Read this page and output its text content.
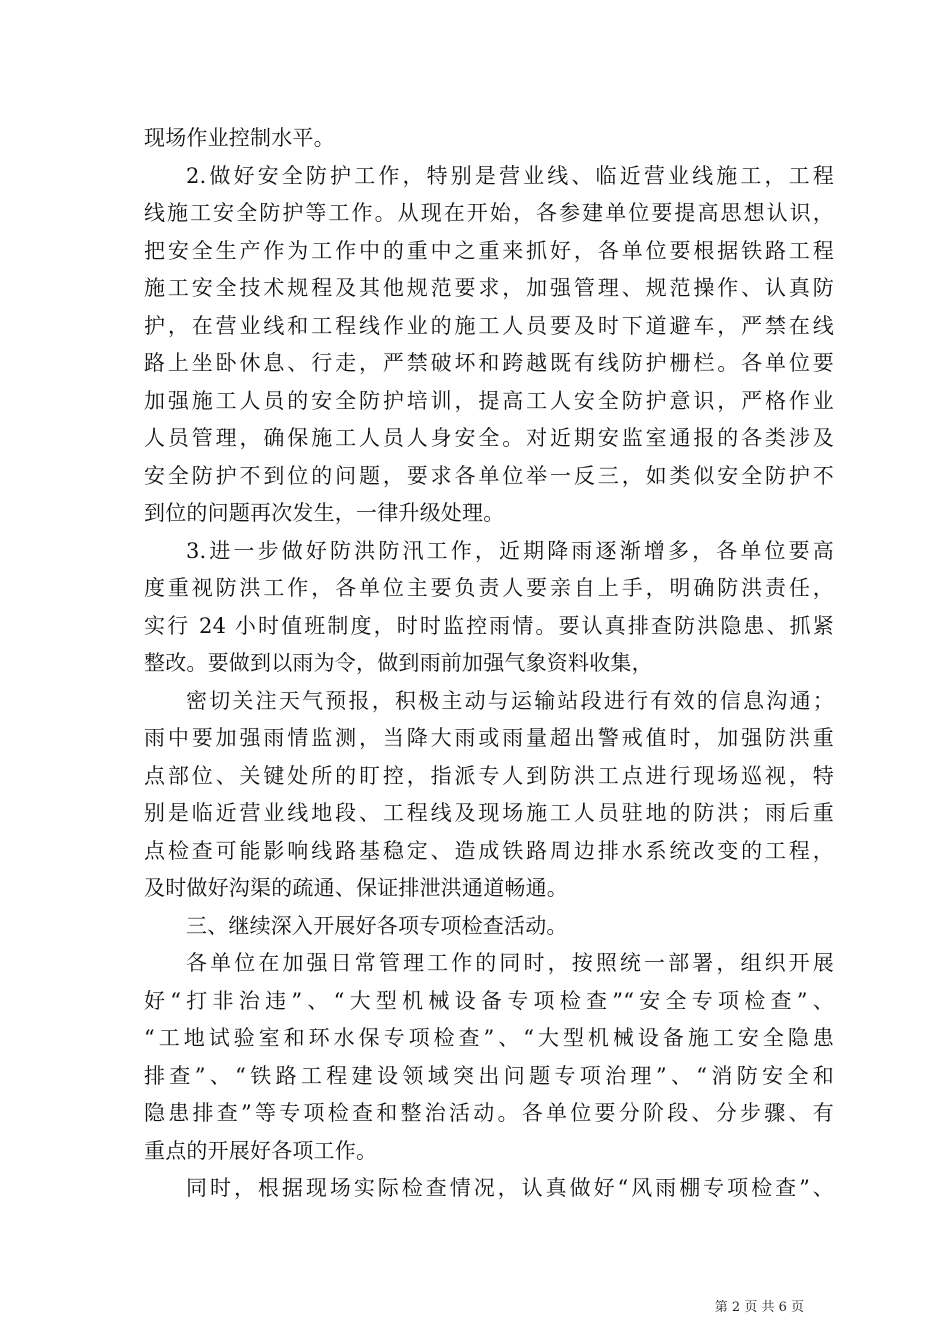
现场作业控制水平。
2.做好安全防护工作，特别是营业线、临近营业线施工，工程
线施工安全防护等工作。从现在开始，各参建单位要提高思想认识，
把安全生产作为工作中的重中之重来抓好，各单位要根据铁路工程
施工安全技术规程及其他规范要求，加强管理、规范操作、认真防
护，在营业线和工程线作业的施工人员要及时下道避车，严禁在线
路上坐卧休息、行走，严禁破坏和跨越既有线防护栅栏。各单位要
加强施工人员的安全防护培训，提高工人安全防护意识，严格作业
人员管理，确保施工人员人身安全。对近期安监室通报的各类涉及
安全防护不到位的问题，要求各单位举一反三，如类似安全防护不
到位的问题再次发生，一律升级处理。
3.进一步做好防洪防汛工作，近期降雨逐渐增多，各单位要高
度重视防洪工作，各单位主要负责人要亲自上手，明确防洪责任，
实行 24 小时值班制度，时时监控雨情。要认真排查防洪隐患、抓紧
整改。要做到以雨为令，做到雨前加强气象资料收集，
密切关注天气预报，积极主动与运输站段进行有效的信息沟通；
雨中要加强雨情监测，当降大雨或雨量超出警戒值时，加强防洪重
点部位、关键处所的盯控，指派专人到防洪工点进行现场巡视，特
别是临近营业线地段、工程线及现场施工人员驻地的防洪；雨后重
点检查可能影响线路基稳定、造成铁路周边排水系统改变的工程，
及时做好沟渠的疏通、保证排泄洪通道畅通。
三、继续深入开展好各项专项检查活动。
各单位在加强日常管理工作的同时，按照统一部署，组织开展
好“打非治违”、“大型机械设备专项检查”“安全专项检查”、
“工地试验室和环水保专项检查”、“大型机械设备施工安全隐患
排查”、“铁路工程建设领域突出问题专项治理”、“消防安全和
隐患排查”等专项检查和整治活动。各单位要分阶段、分步骤、有
重点的开展好各项工作。
同时，根据现场实际检查情况，认真做好“风雨棚专项检查”、
第 2 页 共 6 页
